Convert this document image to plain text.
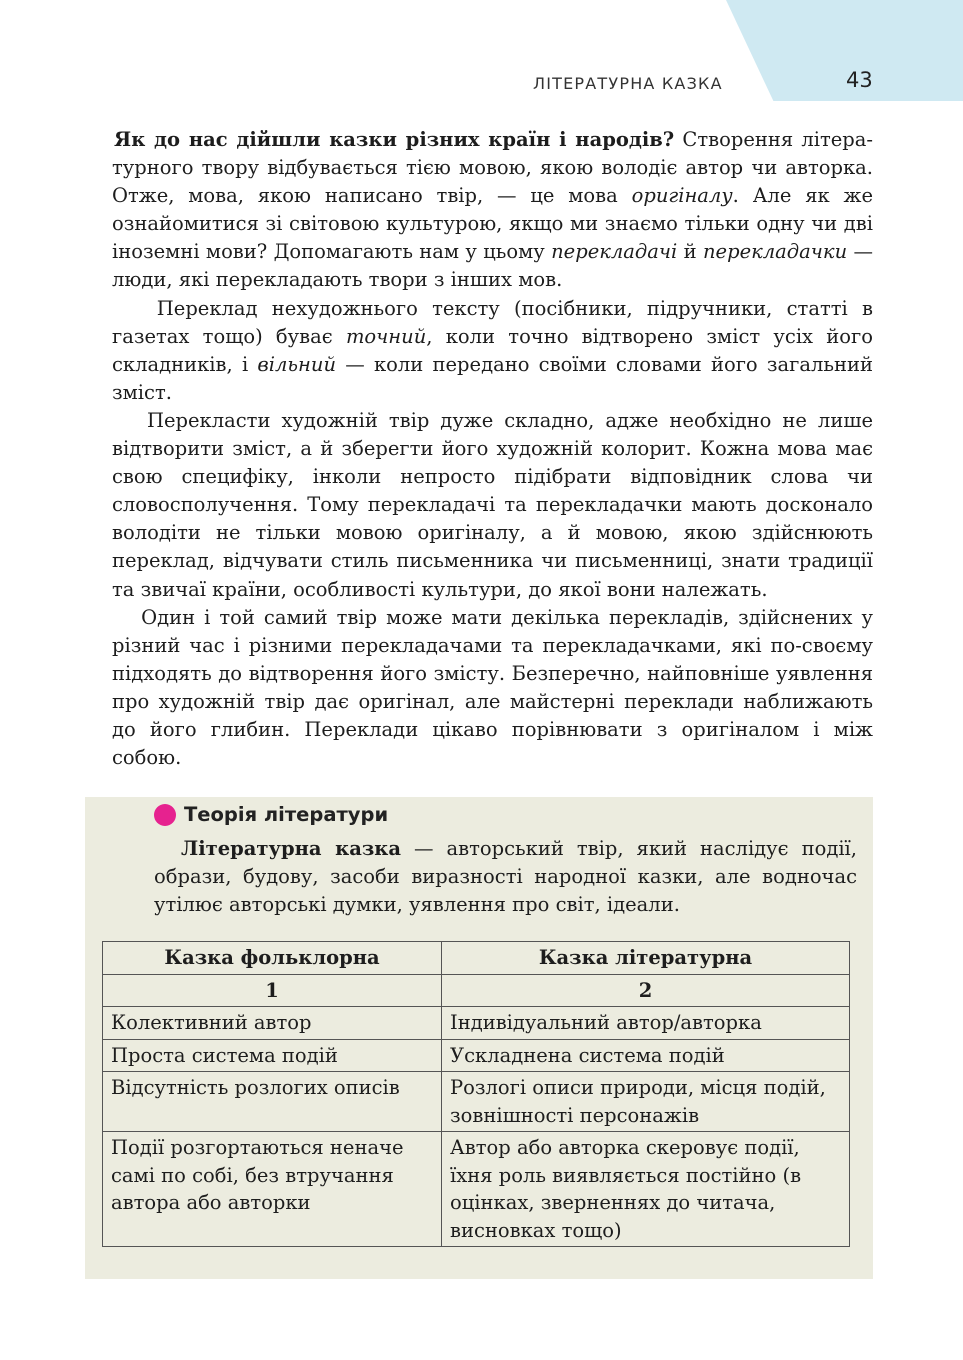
ЛІТЕРАТУРНА КАЗКА	43

Як до нас дійшли казки різних країн і народів? Створення літературного твору відбувається тією мовою, якою володіє автор чи авторка. Отже, мова, якою написано твір, — це мова оригіналу. Але як же ознайомитися зі світовою культурою, якщо ми знаємо тільки одну чи дві іноземні мови? Допомагають нам у цьому перекладачі й перекладачки — люди, які перекладають твори з інших мов.

Переклад нехудожнього тексту (посібники, підручники, статті в газетах тощо) буває точний, коли точно відтворено зміст усіх його складників, і вільний — коли передано своїми словами його загальний зміст.

Перекласти художній твір дуже складно, адже необхідно не лише відтворити зміст, а й зберегти його художній колорит. Кожна мова має свою специфіку, інколи непросто підібрати відповідник слова чи словосполучення. Тому перекладачі та перекладачки мають досконало володіти не тільки мовою оригіналу, а й мовою, якою здійснюють переклад, відчувати стиль письменника чи письменниці, знати традиції та звичаї країни, особливості культури, до якої вони належать.

Один і той самий твір може мати декілька перекладів, здійснених у різний час і різними перекладачами та перекладачками, які по-своєму підходять до відтворення його змісту. Безперечно, найповніше уявлення про художній твір дає оригінал, але майстерні переклади наближають до його глибин. Переклади цікаво порівнювати з оригіналом і між собою.

Теорія літератури

Літературна казка — авторський твір, який наслідує події, образи, будову, засоби виразності народної казки, але водночас утілює авторські думки, уявлення про світ, ідеали.

Казка фольклорна	Казка літературна
1	2
Колективний автор	Індивідуальний автор/авторка
Проста система подій	Ускладнена система подій
Відсутність розлогих описів	Розлогі описи природи, місця подій, зовнішності персонажів
Події розгортаються неначе самі по собі, без втручання автора або авторки	Автор або авторка скеровує події, їхня роль виявляється постійно (в оцінках, зверненнях до читача, висновках тощо)
